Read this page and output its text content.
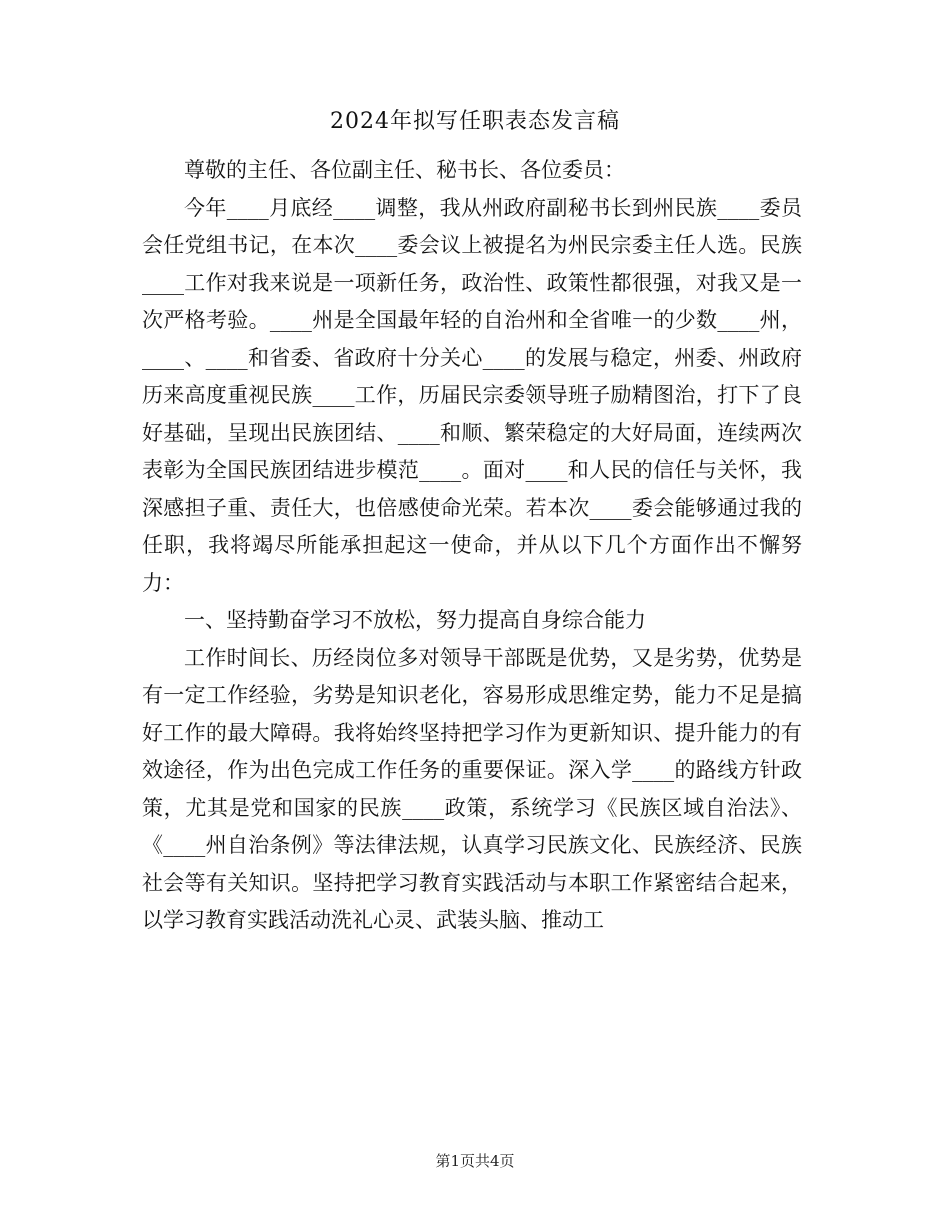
2024年拟写任职表态发言稿

尊敬的主任、各位副主任、秘书长、各位委员：

今年____月底经____调整，我从州政府副秘书长到州民族____委员会任党组书记，在本次____委会议上被提名为州民宗委主任人选。民族____工作对我来说是一项新任务，政治性、政策性都很强，对我又是一次严格考验。____州是全国最年轻的自治州和全省唯一的少数____州，____、____和省委、省政府十分关心____的发展与稳定，州委、州政府历来高度重视民族____工作，历届民宗委领导班子励精图治，打下了良好基础，呈现出民族团结、____和顺、繁荣稳定的大好局面，连续两次表彰为全国民族团结进步模范____。面对____和人民的信任与关怀，我深感担子重、责任大，也倍感使命光荣。若本次____委会能够通过我的任职，我将竭尽所能承担起这一使命，并从以下几个方面作出不懈努力：

一、坚持勤奋学习不放松，努力提高自身综合能力

工作时间长、历经岗位多对领导干部既是优势，又是劣势，优势是有一定工作经验，劣势是知识老化，容易形成思维定势，能力不足是搞好工作的最大障碍。我将始终坚持把学习作为更新知识、提升能力的有效途径，作为出色完成工作任务的重要保证。深入学____的路线方针政策，尤其是党和国家的民族____政策，系统学习《民族区域自治法》、《____州自治条例》等法律法规，认真学习民族文化、民族经济、民族社会等有关知识。坚持把学习教育实践活动与本职工作紧密结合起来，以学习教育实践活动洗礼心灵、武装头脑、推动工

第1页共4页
